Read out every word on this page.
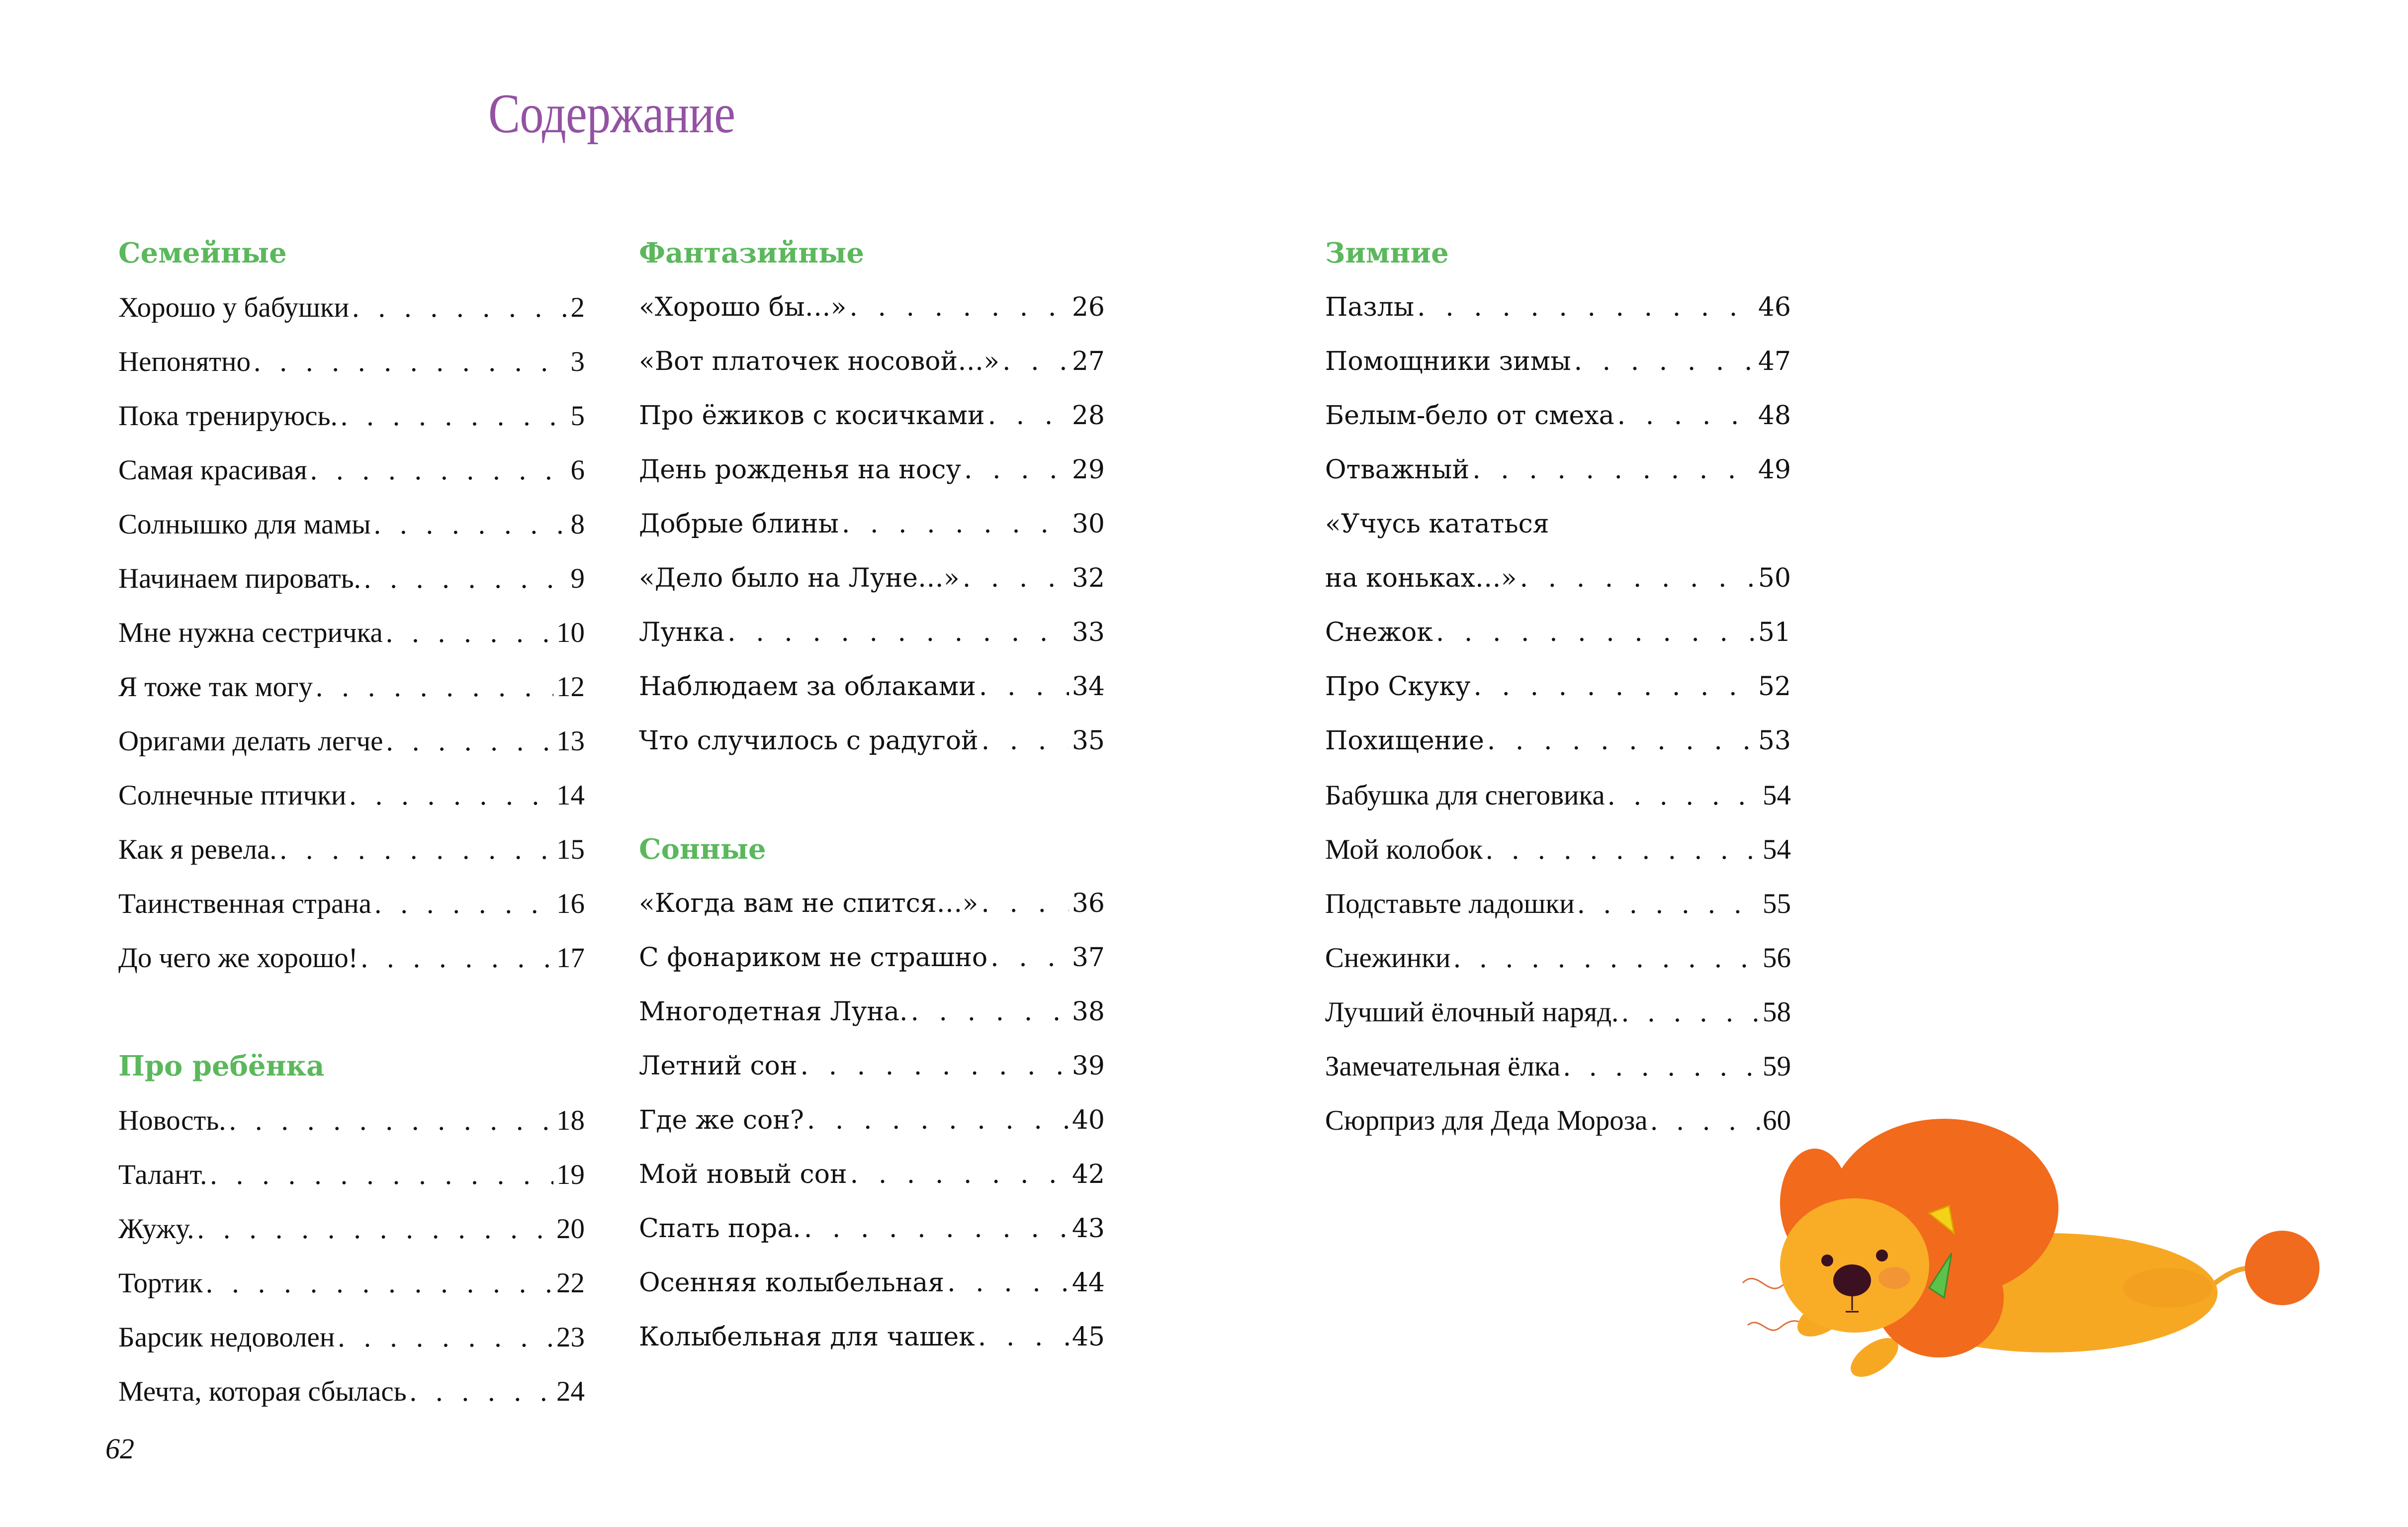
Содержание
Семейные
Хорошо у бабушки . . .	2
Непонятно . . .	3
Пока тренируюсь. . . .	5
Самая красивая . . .	6
Солнышко для мамы . . .	8
Начинаем пировать. . . .	9
Мне нужна сестричка . . .	10
Я тоже так могу . . .	12
Оригами делать легче . . .	13
Солнечные птички . . .	14
Как я ревела. . . .	15
Таинственная страна . . .	16
До чего же хорошо! . . .	17
Про ребёнка
Новость. . . .	18
Талант. . . .	19
Жужу. . . .	20
Тортик . . .	22
Барсик недоволен . . .	23
Мечта, которая сбылась . . .	24
Фантазийные
«Хорошо бы…» . . .	26
«Вот платочек носовой…» . . .	27
Про ёжиков с косичками . . .	28
День рожденья на носу . . .	29
Добрые блины . . .	30
«Дело было на Луне…» . . .	32
Лунка . . .	33
Наблюдаем за облаками . . .	34
Что случилось с радугой . . .	35
Сонные
«Когда вам не спится…» . . .	36
С фонариком не страшно . . .	37
Многодетная Луна. . . .	38
Летний сон . . .	39
Где же сон? . . .	40
Мой новый сон . . .	42
Спать пора. . . .	43
Осенняя колыбельная . . .	44
Колыбельная для чашек . . .	45
Зимние
Пазлы . . .	46
Помощники зимы . . .	47
Белым-бело от смеха . . .	48
Отважный . . .	49
«Учусь кататься
на коньках…» . . .	50
Снежок . . .	51
Про Скуку . . .	52
Похищение . . .	53
Бабушка для снеговика . . .	54
Мой колобок . . .	54
Подставьте ладошки . . .	55
Снежинки . . .	56
Лучший ёлочный наряд. . . .	58
Замечательная ёлка . . .	59
Сюрприз для Деда Мороза . . .	60
62
